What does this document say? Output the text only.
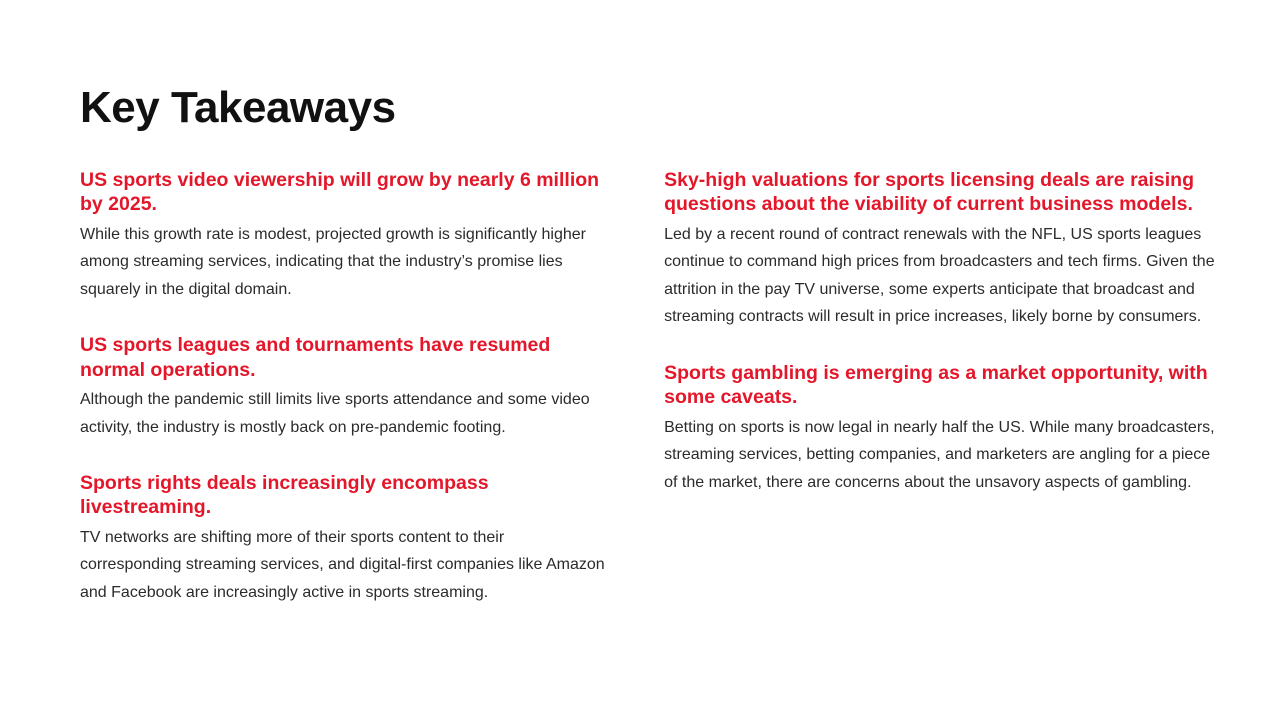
Key Takeaways

US sports video viewership will grow by nearly 6 million by 2025.

While this growth rate is modest, projected growth is significantly higher among streaming services, indicating that the industry’s promise lies squarely in the digital domain.

US sports leagues and tournaments have resumed normal operations.

Although the pandemic still limits live sports attendance and some video activity, the industry is mostly back on pre-pandemic footing.

Sports rights deals increasingly encompass livestreaming.

TV networks are shifting more of their sports content to their corresponding streaming services, and digital-first companies like Amazon and Facebook are increasingly active in sports streaming.

Sky-high valuations for sports licensing deals are raising questions about the viability of current business models.

Led by a recent round of contract renewals with the NFL, US sports leagues continue to command high prices from broadcasters and tech firms. Given the attrition in the pay TV universe, some experts anticipate that broadcast and streaming contracts will result in price increases, likely borne by consumers.

Sports gambling is emerging as a market opportunity, with some caveats.

Betting on sports is now legal in nearly half the US. While many broadcasters, streaming services, betting companies, and marketers are angling for a piece of the market, there are concerns about the unsavory aspects of gambling.
